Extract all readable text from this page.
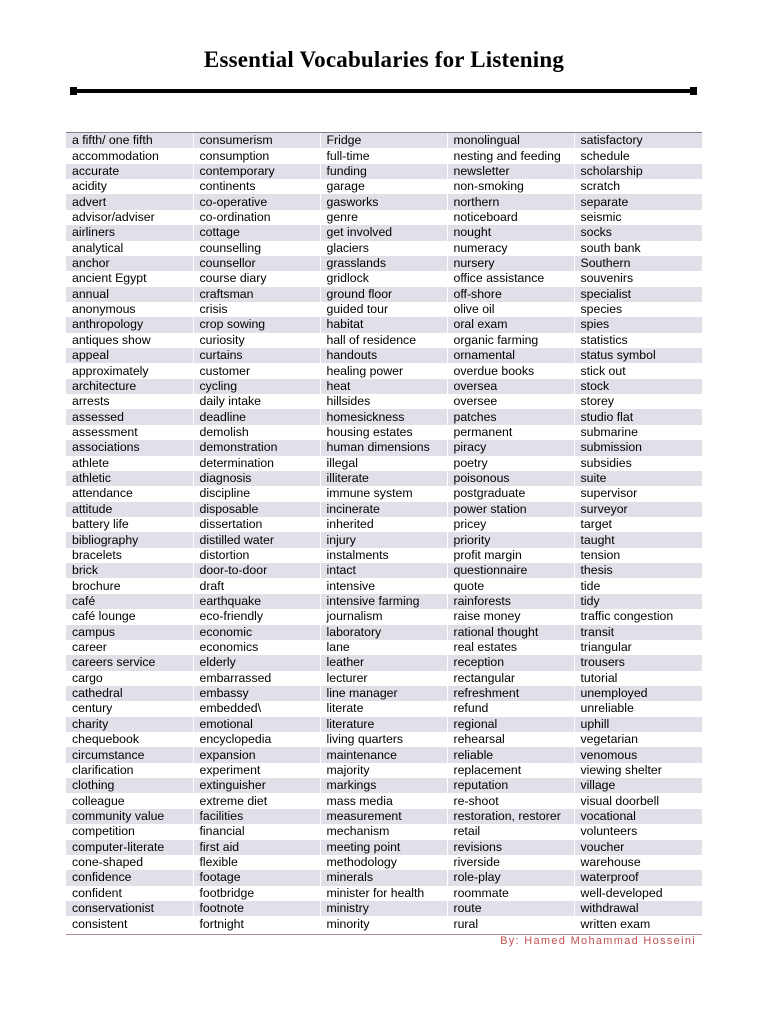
Essential Vocabularies for Listening
a fifth/ one fifth	consumerism	Fridge	monolingual	satisfactory
accommodation	consumption	full-time	nesting and feeding	schedule
accurate	contemporary	funding	newsletter	scholarship
acidity	continents	garage	non-smoking	scratch
advert	co-operative	gasworks	northern	separate
advisor/adviser	co-ordination	genre	noticeboard	seismic
airliners	cottage	get involved	nought	socks
analytical	counselling	glaciers	numeracy	south bank
anchor	counsellor	grasslands	nursery	Southern
ancient Egypt	course diary	gridlock	office assistance	souvenirs
annual	craftsman	ground floor	off-shore	specialist
anonymous	crisis	guided tour	olive oil	species
anthropology	crop sowing	habitat	oral exam	spies
antiques show	curiosity	hall of residence	organic farming	statistics
appeal	curtains	handouts	ornamental	status symbol
approximately	customer	healing power	overdue books	stick out
architecture	cycling	heat	oversea	stock
arrests	daily intake	hillsides	oversee	storey
assessed	deadline	homesickness	patches	studio flat
assessment	demolish	housing estates	permanent	submarine
associations	demonstration	human dimensions	piracy	submission
athlete	determination	illegal	poetry	subsidies
athletic	diagnosis	illiterate	poisonous	suite
attendance	discipline	immune system	postgraduate	supervisor
attitude	disposable	incinerate	power station	surveyor
battery life	dissertation	inherited	pricey	target
bibliography	distilled water	injury	priority	taught
bracelets	distortion	instalments	profit margin	tension
brick	door-to-door	intact	questionnaire	thesis
brochure	draft	intensive	quote	tide
café	earthquake	intensive farming	rainforests	tidy
café lounge	eco-friendly	journalism	raise money	traffic congestion
campus	economic	laboratory	rational thought	transit
career	economics	lane	real estates	triangular
careers service	elderly	leather	reception	trousers
cargo	embarrassed	lecturer	rectangular	tutorial
cathedral	embassy	line manager	refreshment	unemployed
century	embedded\	literate	refund	unreliable
charity	emotional	literature	regional	uphill
chequebook	encyclopedia	living quarters	rehearsal	vegetarian
circumstance	expansion	maintenance	reliable	venomous
clarification	experiment	majority	replacement	viewing shelter
clothing	extinguisher	markings	reputation	village
colleague	extreme diet	mass media	re-shoot	visual doorbell
community value	facilities	measurement	restoration, restorer	vocational
competition	financial	mechanism	retail	volunteers
computer-literate	first aid	meeting point	revisions	voucher
cone-shaped	flexible	methodology	riverside	warehouse
confidence	footage	minerals	role-play	waterproof
confident	footbridge	minister for health	roommate	well-developed
conservationist	footnote	ministry	route	withdrawal
consistent	fortnight	minority	rural	written exam
By: Hamed Mohammad Hosseini
